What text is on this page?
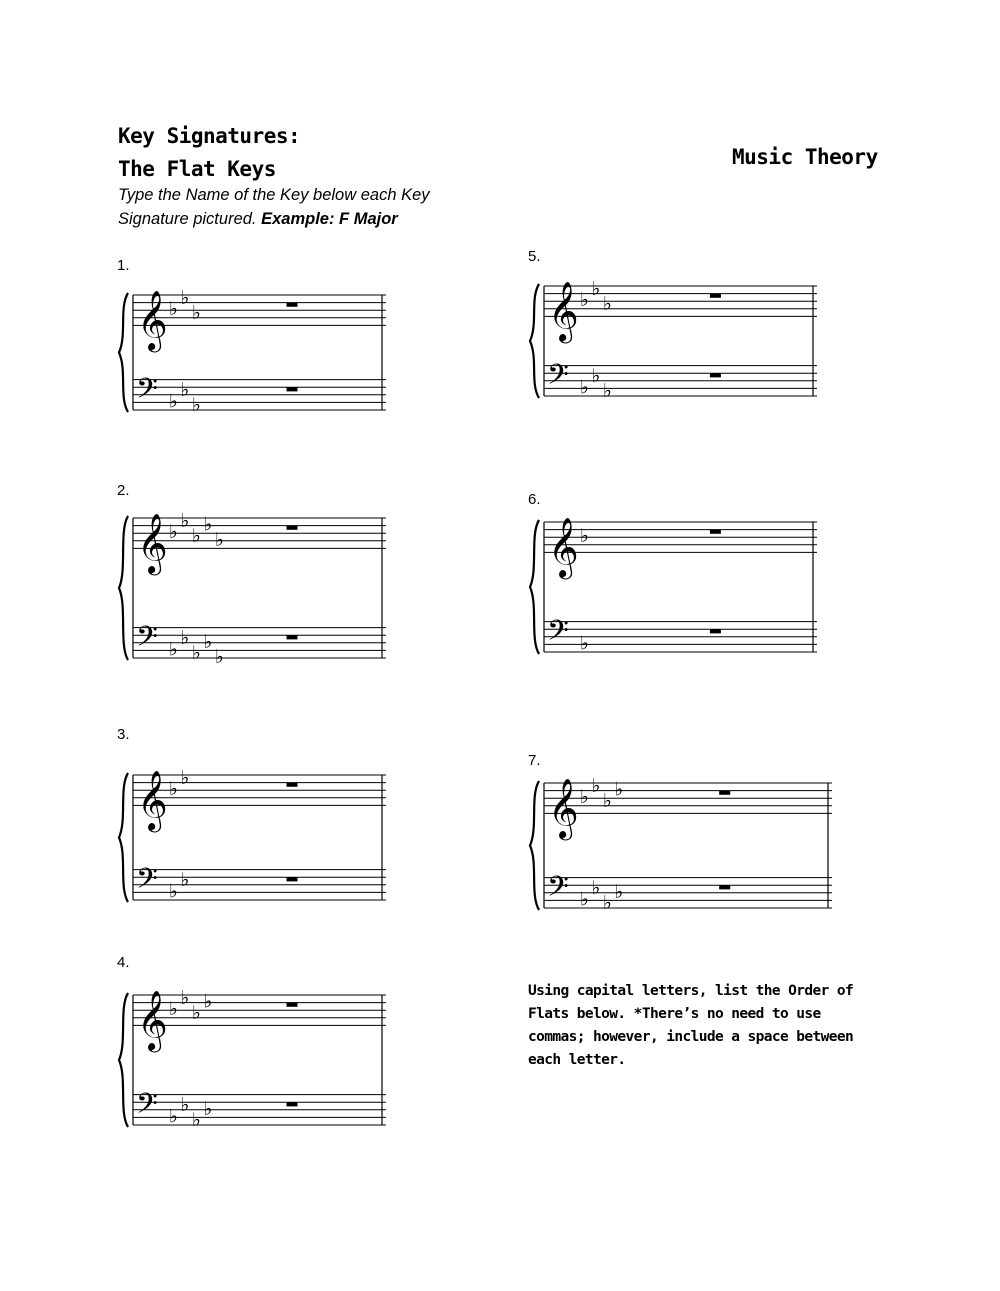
Key Signatures:
The Flat Keys	Music Theory
Type the Name of the Key below each Key Signature pictured. Example: F Major
1.
2.
3.
4.
5.
6.
7.
𝄞 ♭
♭
♭
𝄢 ♭
♭
♭
𝄞 ♭
♭
♭
♭
♭
𝄢 ♭
♭
♭
♭
♭
𝄞 ♭
♭
𝄢 ♭
♭
𝄞 ♭
♭
♭
♭
𝄢 ♭
♭
♭
♭
𝄞 ♭
♭
♭
𝄢 ♭
♭
♭
𝄞 ♭
𝄢 ♭
𝄞 ♭
♭
♭
♭
𝄢 ♭
♭
♭
♭
Using capital letters, list the Order of Flats below. *There’s no need to use commas; however, include a space between each letter.
